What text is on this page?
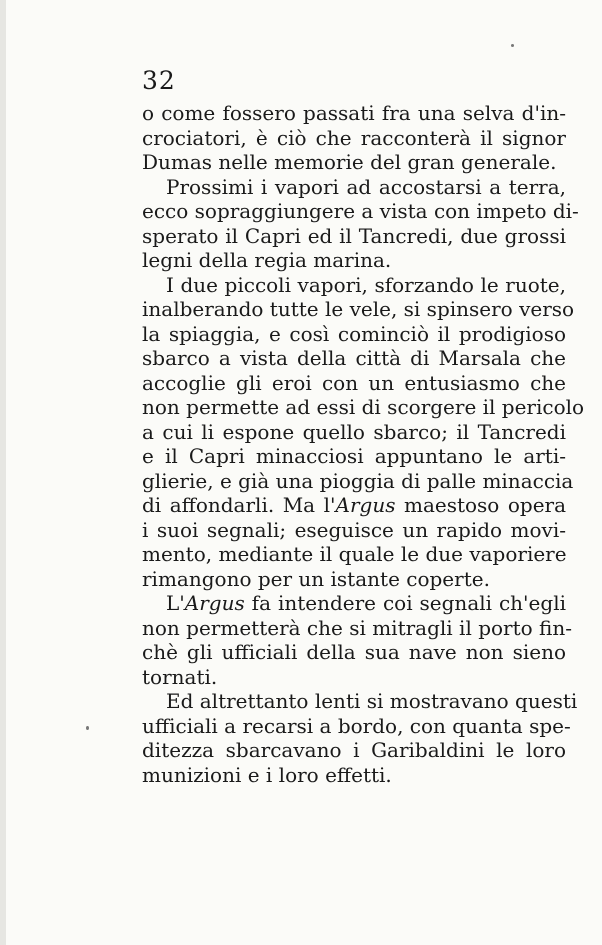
32
o come fossero passati fra una selva d'in-
crociatori, è ciò che racconterà il signor
Dumas nelle memorie del gran generale.
Prossimi i vapori ad accostarsi a terra,
ecco sopraggiungere a vista con impeto di-
sperato il Capri ed il Tancredi, due grossi
legni della regia marina.
I due piccoli vapori, sforzando le ruote,
inalberando tutte le vele, si spinsero verso
la spiaggia, e così cominciò il prodigioso
sbarco a vista della città di Marsala che
accoglie gli eroi con un entusiasmo che
non permette ad essi di scorgere il pericolo
a cui li espone quello sbarco; il Tancredi
e il Capri minacciosi appuntano le arti-
glierie, e già una pioggia di palle minaccia
di affondarli. Ma l'Argus maestoso opera
i suoi segnali; eseguisce un rapido movi-
mento, mediante il quale le due vaporiere
rimangono per un istante coperte.
L'Argus fa intendere coi segnali ch'egli
non permetterà che si mitragli il porto fin-
chè gli ufficiali della sua nave non sieno
tornati.
Ed altrettanto lenti si mostravano questi
ufficiali a recarsi a bordo, con quanta spe-
ditezza sbarcavano i Garibaldini le loro
munizioni e i loro effetti.
